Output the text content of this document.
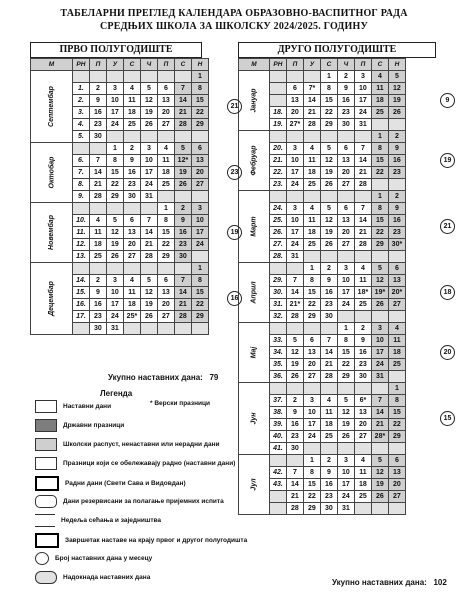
ТАБЕЛАРНИ ПРЕГЛЕД КАЛЕНДАРА ОБРАЗОВНО-ВАСПИТНОГ РАДА
СРЕДЊИХ ШКОЛА ЗА ШКОЛСКУ 2024/2025. ГОДИНУ
ПРВО ПОЛУГОДИШТЕ	ДРУГО ПОЛУГОДИШТЕ
М	РН	П	У	С	Ч	П	С	Н
Септембар								1
	1.	2	3	4	5	6	7	8
	2.	9	10	11	12	13	14	15
	3.	16	17	18	19	20	21	22
	4.	23	24	25	26	27	28	29
	5.	30						
Октобар			1	2	3	4	5	6
	6.	7	8	9	10	11	12*	13
	7.	14	15	16	17	18	19	20
	8.	21	22	23	24	25	26	27
	9.	28	29	30	31			
Новембар						1	2	3
	10.	4	5	6	7	8	9	10
	11.	11	12	13	14	15	16	17
	12.	18	19	20	21	22	23	24
	13.	25	26	27	28	29	30	
Децембар								1
	14.	2	3	4	5	6	7	8
	15.	9	10	11	12	13	14	15
	16.	16	17	18	19	20	21	22
	17.	23	24	25*	26	27	28	29
		30	31					
М	РН	П	У	С	Ч	П	С	Н
Јануар				1	2	3	4	5
		6	7*	8	9	10	11	12
		13	14	15	16	17	18	19
	18.	20	21	22	23	24	25	26
	19.	27*	28	29	30	31		
Фебруар							1	2
	20.	3	4	5	6	7	8	9
	21.	10	11	12	13	14	15	16
	22.	17	18	19	20	21	22	23
	23.	24	25	26	27	28		
Март							1	2
	24.	3	4	5	6	7	8	9
	25.	10	11	12	13	14	15	16
	26.	17	18	19	20	21	22	23
	27.	24	25	26	27	28	29	30*
	28.	31						
Април			1	2	3	4	5	6
	29.	7	8	9	10	11	12	13
	30.	14	15	16	17	18*	19*	20*
	31.	21*	22	23	24	25	26	27
	32.	28	29	30				
Мај					1	2	3	4
	33.	5	6	7	8	9	10	11
	34.	12	13	14	15	16	17	18
	35.	19	20	21	22	23	24	25
	36.	26	27	28	29	30	31	
Јун								1
	37.	2	3	4	5	6*	7	8
	38.	9	10	11	12	13	14	15
	39.	16	17	18	19	20	21	22
	40.	23	24	25	26	27	28*	29
	41.	30						
Јул			1	2	3	4	5	6
	42.	7	8	9	10	11	12	13
	43.	14	15	16	17	18	19	20
		21	22	23	24	25	26	27
		28	29	30	31			
Укупно наставних дана: 79
Укупно наставних дана: 102
Легенда
* Верски празници
Наставни дани
Државни празници
Школски распуст, ненаставни или нерадни дани
Празници који се обележавају радно (наставни дани)
Радни дани (Свети Сава и Видовдан)
Дани резервисани за полагање пријемних испита
Недеља сећања и заједништва
Завршетак наставе на крају првог и другог полугодишта
Број наставних дана у месецу
Надокнада наставних дана
21
23
19
16
9
19
21
18
20
15
